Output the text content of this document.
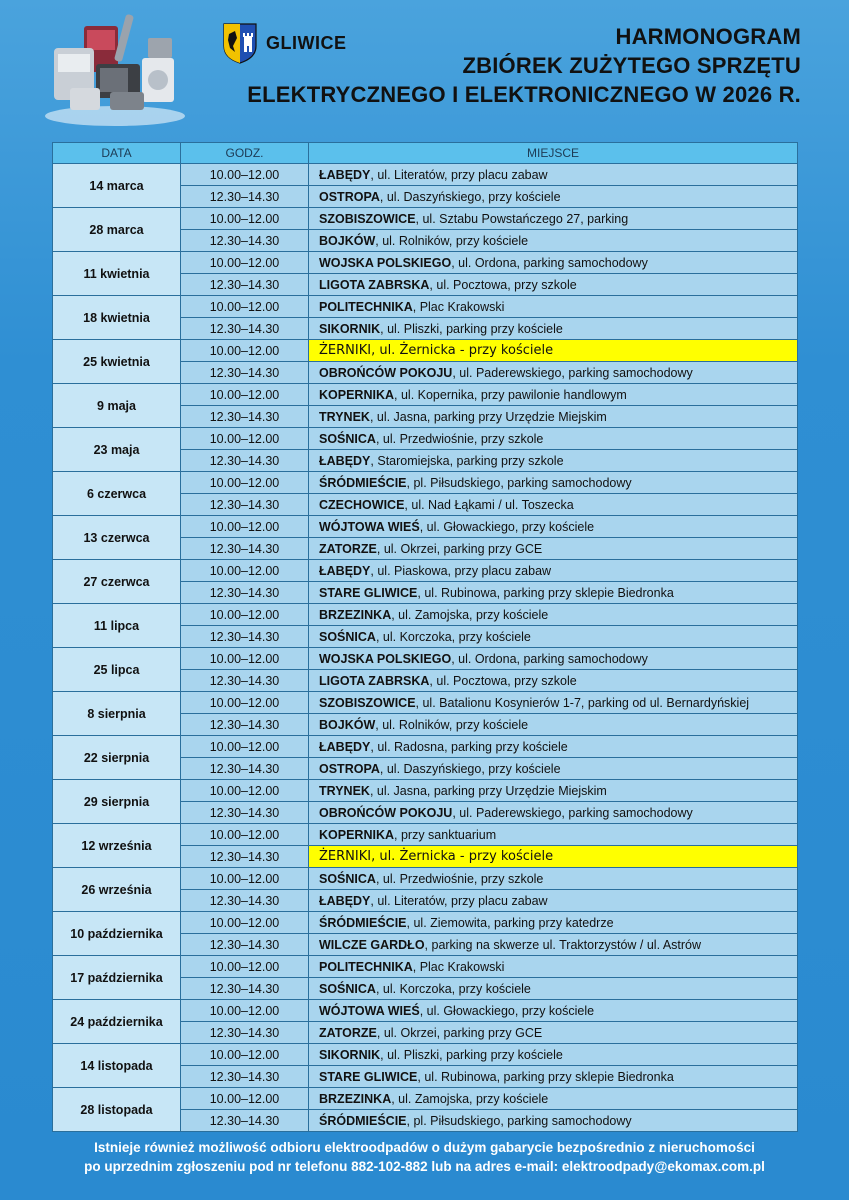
GLIWICE	HARMONOGRAM
ZBIÓREK ZUŻYTEGO SPRZĘTU
ELEKTRYCZNEGO I ELEKTRONICZNEGO W 2026 R.
DATA	GODZ.	MIEJSCE
14 marca	10.00–12.00	ŁABĘDY, ul. Literatów, przy placu zabaw
	12.30–14.30	OSTROPA, ul. Daszyńskiego, przy kościele
28 marca	10.00–12.00	SZOBISZOWICE, ul. Sztabu Powstańczego 27, parking
	12.30–14.30	BOJKÓW, ul. Rolników, przy kościele
11 kwietnia	10.00–12.00	WOJSKA POLSKIEGO, ul. Ordona, parking samochodowy
	12.30–14.30	LIGOTA ZABRSKA, ul. Pocztowa, przy szkole
18 kwietnia	10.00–12.00	POLITECHNIKA, Plac Krakowski
	12.30–14.30	SIKORNIK, ul. Pliszki, parking przy kościele
25 kwietnia	10.00–12.00	ŻERNIKI, ul. Żernicka - przy kościele
	12.30–14.30	OBROŃCÓW POKOJU, ul. Paderewskiego, parking samochodowy
9 maja	10.00–12.00	KOPERNIKA, ul. Kopernika, przy pawilonie handlowym
	12.30–14.30	TRYNEK, ul. Jasna, parking przy Urzędzie Miejskim
23 maja	10.00–12.00	SOŚNICA, ul. Przedwiośnie, przy szkole
	12.30–14.30	ŁABĘDY, Staromiejska, parking przy szkole
6 czerwca	10.00–12.00	ŚRÓDMIEŚCIE, pl. Piłsudskiego, parking samochodowy
	12.30–14.30	CZECHOWICE, ul. Nad Łąkami / ul. Toszecka
13 czerwca	10.00–12.00	WÓJTOWA WIEŚ, ul. Głowackiego, przy kościele
	12.30–14.30	ZATORZE, ul. Okrzei, parking przy GCE
27 czerwca	10.00–12.00	ŁABĘDY, ul. Piaskowa, przy placu zabaw
	12.30–14.30	STARE GLIWICE, ul. Rubinowa, parking przy sklepie Biedronka
11 lipca	10.00–12.00	BRZEZINKA, ul. Zamojska, przy kościele
	12.30–14.30	SOŚNICA, ul. Korczoka, przy kościele
25 lipca	10.00–12.00	WOJSKA POLSKIEGO, ul. Ordona, parking samochodowy
	12.30–14.30	LIGOTA ZABRSKA, ul. Pocztowa, przy szkole
8 sierpnia	10.00–12.00	SZOBISZOWICE, ul. Batalionu Kosynierów 1-7, parking od ul. Bernardyńskiej
	12.30–14.30	BOJKÓW, ul. Rolników, przy kościele
22 sierpnia	10.00–12.00	ŁABĘDY, ul. Radosna, parking przy kościele
	12.30–14.30	OSTROPA, ul. Daszyńskiego, przy kościele
29 sierpnia	10.00–12.00	TRYNEK, ul. Jasna, parking przy Urzędzie Miejskim
	12.30–14.30	OBROŃCÓW POKOJU, ul. Paderewskiego, parking samochodowy
12 września	10.00–12.00	KOPERNIKA, przy sanktuarium
	12.30–14.30	ŻERNIKI, ul. Żernicka - przy kościele
26 września	10.00–12.00	SOŚNICA, ul. Przedwiośnie, przy szkole
	12.30–14.30	ŁABĘDY, ul. Literatów, przy placu zabaw
10 października	10.00–12.00	ŚRÓDMIEŚCIE, ul. Ziemowita, parking przy katedrze
	12.30–14.30	WILCZE GARDŁO, parking na skwerze ul. Traktorzystów / ul. Astrów
17 października	10.00–12.00	POLITECHNIKA, Plac Krakowski
	12.30–14.30	SOŚNICA, ul. Korczoka, przy kościele
24 października	10.00–12.00	WÓJTOWA WIEŚ, ul. Głowackiego, przy kościele
	12.30–14.30	ZATORZE, ul. Okrzei, parking przy GCE
14 listopada	10.00–12.00	SIKORNIK, ul. Pliszki, parking przy kościele
	12.30–14.30	STARE GLIWICE, ul. Rubinowa, parking przy sklepie Biedronka
28 listopada	10.00–12.00	BRZEZINKA, ul. Zamojska, przy kościele
	12.30–14.30	ŚRÓDMIEŚCIE, pl. Piłsudskiego, parking samochodowy
Istnieje również możliwość odbioru elektroodpadów o dużym gabarycie bezpośrednio z nieruchomości
po uprzednim zgłoszeniu pod nr telefonu 882-102-882 lub na adres e-mail: elektroodpady@ekomax.com.pl
